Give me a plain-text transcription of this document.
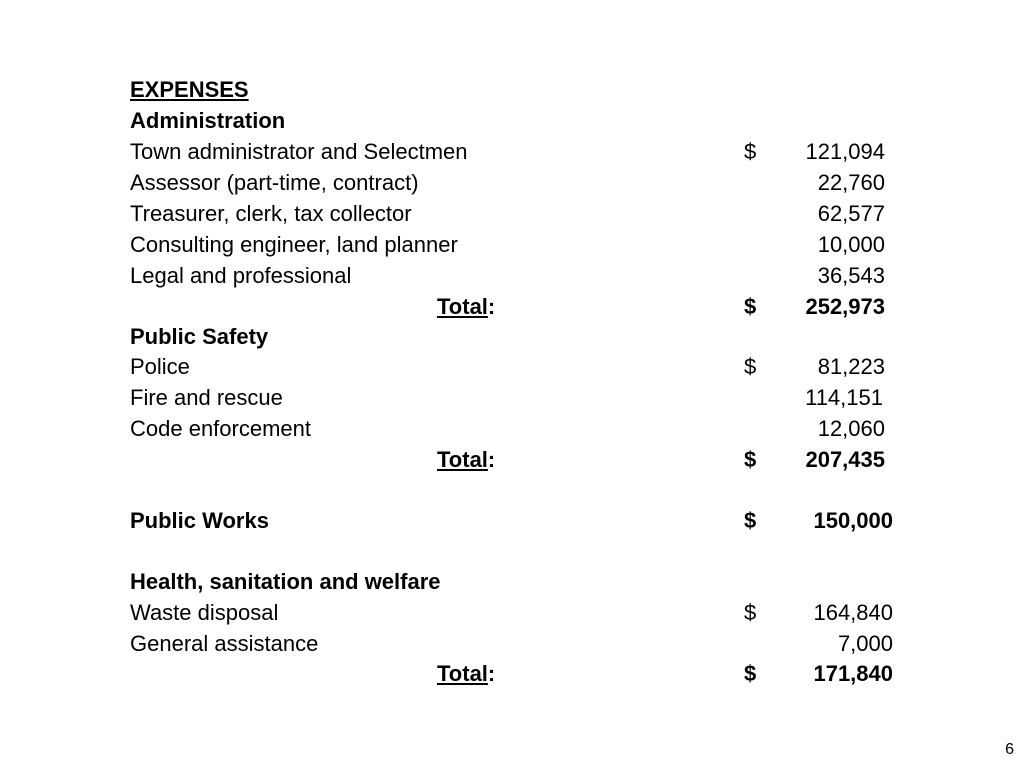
EXPENSES
Administration
Town administrator and Selectmen	$ 121,094
Assessor (part-time, contract)	22,760
Treasurer, clerk, tax collector	62,577
Consulting engineer, land planner	10,000
Legal and professional	36,543
Total:	$ 252,973
Public Safety
Police	$	81,223
Fire and rescue	114,151
Code enforcement	12,060
Total:	$ 207,435
Public Works	$	150,000
Health, sanitation and welfare
Waste disposal	$	164,840
General assistance	7,000
Total:	$	171,840
6
